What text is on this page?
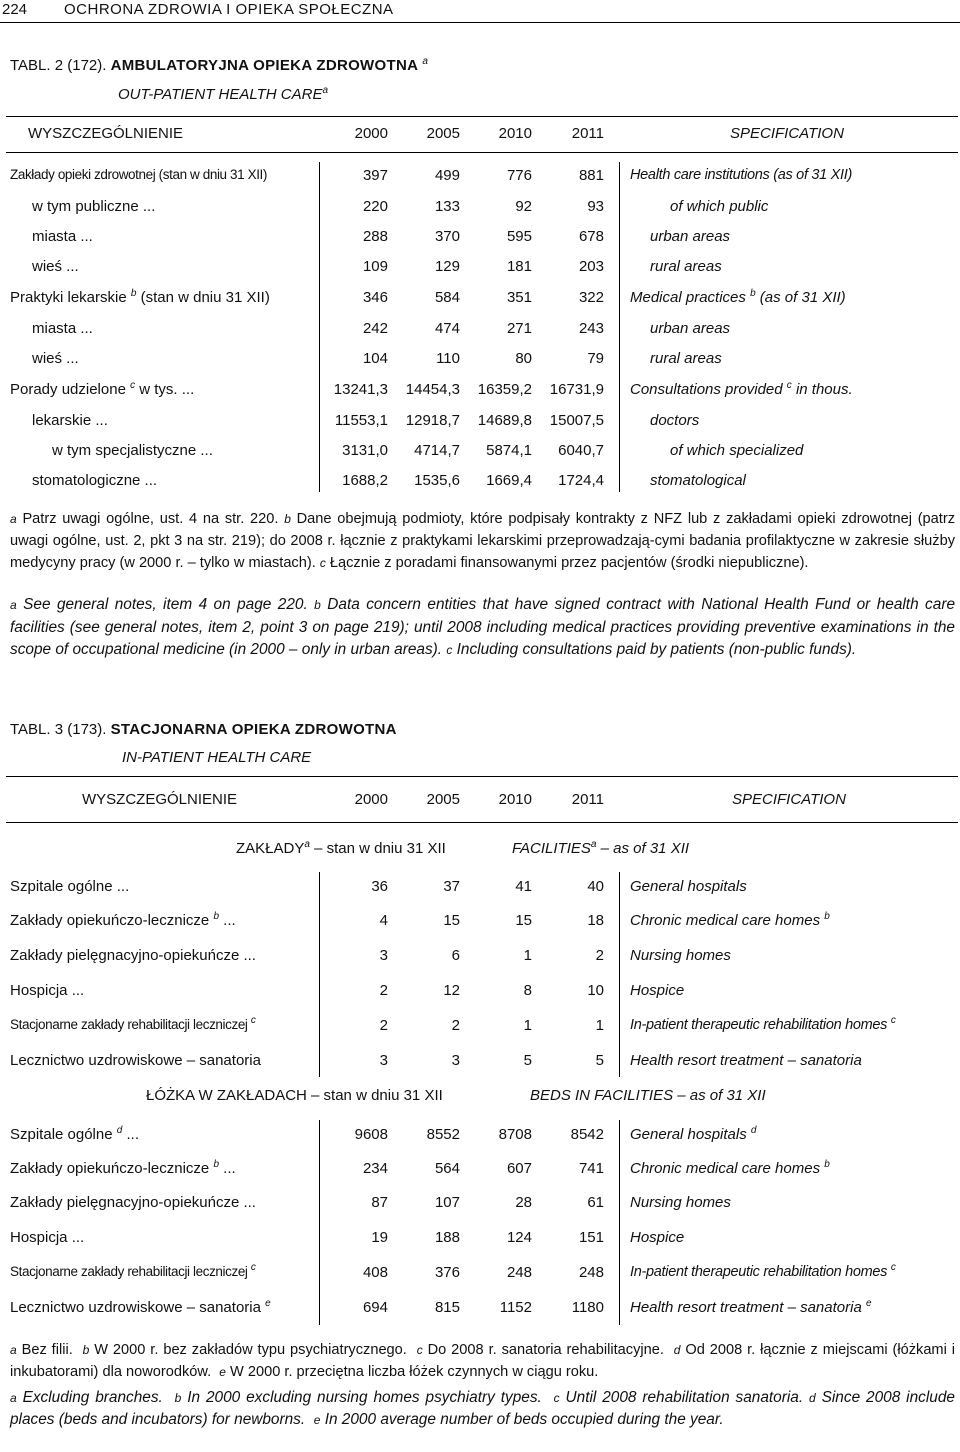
224 OCHRONA ZDROWIA I OPIEKA SPOŁECZNA
TABL. 2 (172). AMBULATORYJNA OPIEKA ZDROWOTNA $^a$
OUT-PATIENT HEALTH CARE$^a$
WYSZCZEGÓLNIENIE	2000	2005	2010	2011	SPECIFICATION
Zakłady opieki zdrowotnej (stan w dniu 31 XII)	397	499	776	881 Health care institutions (as of 31 XII)
w tym publiczne ...	220	133	92	93	of which public
miasta ...	288	370	595	678	urban areas
wieś ...	109	129	181	203	rural areas
Praktyki lekarskie $^b$ (stan w dniu 31 XII)	346	584	351	322 Medical practices $^b$ (as of 31 XII)
miasta ...	242	474	271	243	urban areas
wieś ...	104	110	80	79	rural areas
Porady udzielone $^c$ w tys. ...	13241,3	14454,3	16359,2	16731,9 Consultations provided $^c$ in thous.
lekarskie ...	11553,1	12918,7	14689,8	15007,5	doctors
w tym specjalistyczne ...	3131,0	4714,7	5874,1	6040,7	of which specialized
stomatologiczne ...	1688,2	1535,6	1669,4	1724,4	stomatological
a Patrz uwagi ogólne, ust. 4 na str. 220. b Dane obejmują podmioty, które podpisały kontrakty z NFZ lub z zakładami opieki zdrowotnej (patrz uwagi ogólne, ust. 2, pkt 3 na str. 219); do 2008 r. łącznie z praktykami lekarskimi przeprowadzają-cymi badania profilaktyczne w zakresie służby medycyny pracy (w 2000 r. – tylko w miastach). c Łącznie z poradami finansowanymi przez pacjentów (środki niepubliczne).
a See general notes, item 4 on page 220. b Data concern entities that have signed contract with National Health Fund or health care facilities (see general notes, item 2, point 3 on page 219); until 2008 including medical practices providing preventive examinations in the scope of occupational medicine (in 2000 – only in urban areas). c Including consultations paid by patients (non-public funds).
TABL. 3 (173). STACJONARNA OPIEKA ZDROWOTNA
IN-PATIENT HEALTH CARE
WYSZCZEGÓLNIENIE	2000	2005	2010	2011	SPECIFICATION
ZAKŁADY$^a$ – stan w dniu 31 XII	FACILITIES$^a$ – as of 31 XII
Szpitale ogólne ...	36	37	41	40 General hospitals
Zakłady opiekuńczo-lecznicze $^b$ ...	4	15	15	18 Chronic medical care homes $^b$
Zakłady pielęgnacyjno-opiekuńcze ...	3	6	1	2 Nursing homes
Hospicja ...	2	12	8	10 Hospice
Stacjonarne zakłady rehabilitacji leczniczej $^c$	2	2	1	1 In-patient therapeutic rehabilitation homes $^c$
Lecznictwo uzdrowiskowe – sanatoria	3	3	5	5 Health resort treatment – sanatoria
ŁÓŻKA W ZAKŁADACH – stan w dniu 31 XII	BEDS IN FACILITIES – as of 31 XII
Szpitale ogólne $^d$ ...	9608	8552	8708	8542 General hospitals $^d$
Zakłady opiekuńczo-lecznicze $^b$ ...	234	564	607	741 Chronic medical care homes $^b$
Zakłady pielęgnacyjno-opiekuńcze ...	87	107	28	61 Nursing homes
Hospicja ...	19	188	124	151 Hospice
Stacjonarne zakłady rehabilitacji leczniczej $^c$	408	376	248	248 In-patient therapeutic rehabilitation homes $^c$
Lecznictwo uzdrowiskowe – sanatoria $^e$	694	815	1152	1180 Health resort treatment – sanatoria $^e$
a Bez filii. b W 2000 r. bez zakładów typu psychiatrycznego. c Do 2008 r. sanatoria rehabilitacyjne. d Od 2008 r. łącznie z miejscami (łóżkami i inkubatorami) dla noworodków. e W 2000 r. przeciętna liczba łóżek czynnych w ciągu roku.
a Excluding branches. b In 2000 excluding nursing homes psychiatry types. c Until 2008 rehabilitation sanatoria. d Since 2008 include places (beds and incubators) for newborns. e In 2000 average number of beds occupied during the year.
